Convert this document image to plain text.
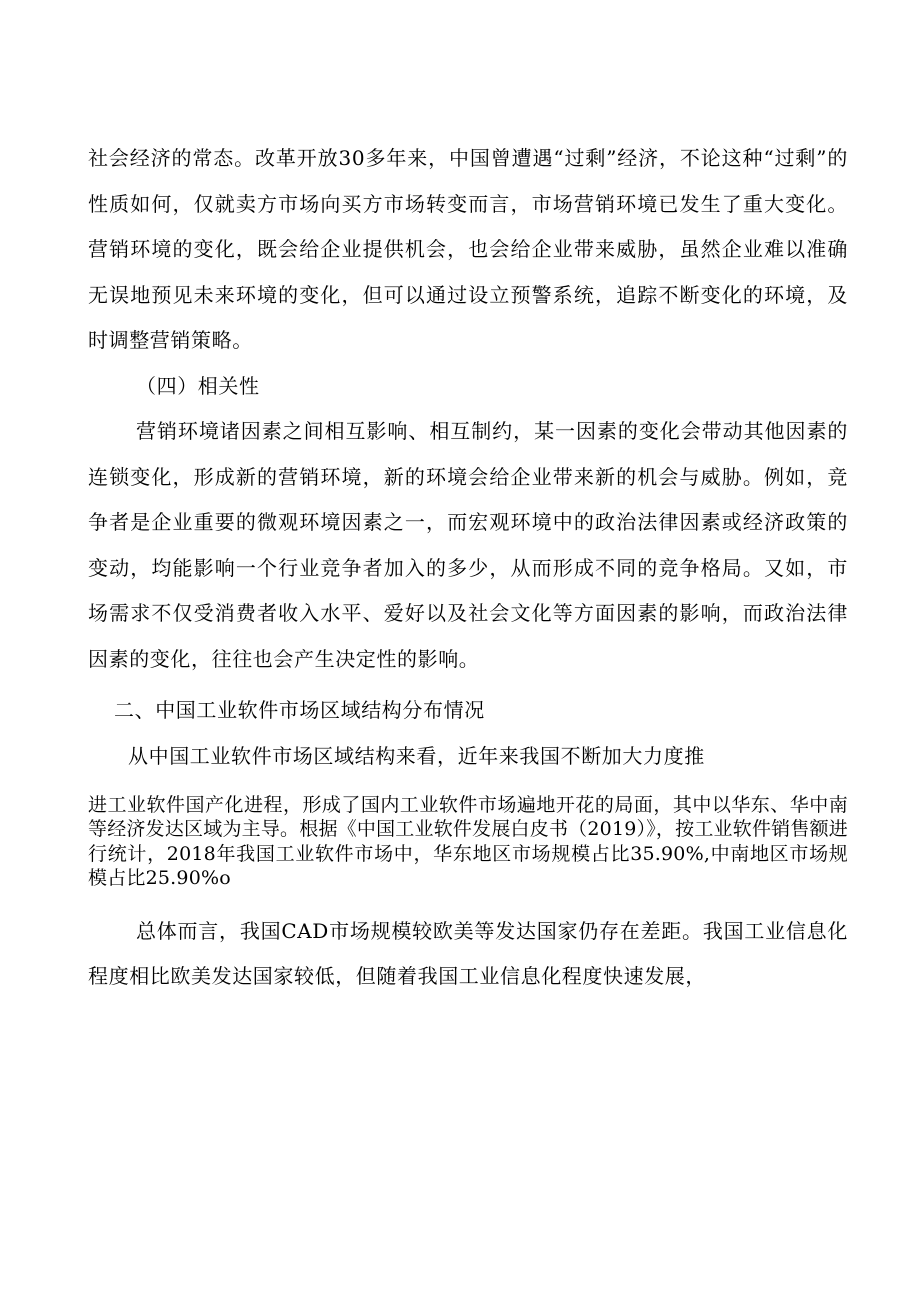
社会经济的常态。改革开放30多年来，中国曾遭遇“过剩”经济，不论这种“过剩”的性质如何，仅就卖方市场向买方市场转变而言，市场营销环境已发生了重大变化。营销环境的变化，既会给企业提供机会，也会给企业带来威胁，虽然企业难以准确无误地预见未来环境的变化，但可以通过设立预警系统，追踪不断变化的环境，及时调整营销策略。

（四）相关性

营销环境诸因素之间相互影响、相互制约，某一因素的变化会带动其他因素的连锁变化，形成新的营销环境，新的环境会给企业带来新的机会与威胁。例如，竞争者是企业重要的微观环境因素之一，而宏观环境中的政治法律因素或经济政策的变动，均能影响一个行业竞争者加入的多少，从而形成不同的竞争格局。又如，市场需求不仅受消费者收入水平、爱好以及社会文化等方面因素的影响，而政治法律因素的变化，往往也会产生决定性的影响。

二、中国工业软件市场区域结构分布情况

从中国工业软件市场区域结构来看，近年来我国不断加大力度推

进工业软件国产化进程，形成了国内工业软件市场遍地开花的局面，其中以华东、华中南等经济发达区域为主导。根据《中国工业软件发展白皮书（2019）》，按工业软件销售额进行统计，2018年我国工业软件市场中，华东地区市场规模占比35.90%,中南地区市场规模占比25.90%o

总体而言，我国CAD市场规模较欧美等发达国家仍存在差距。我国工业信息化程度相比欧美发达国家较低，但随着我国工业信息化程度快速发展，
